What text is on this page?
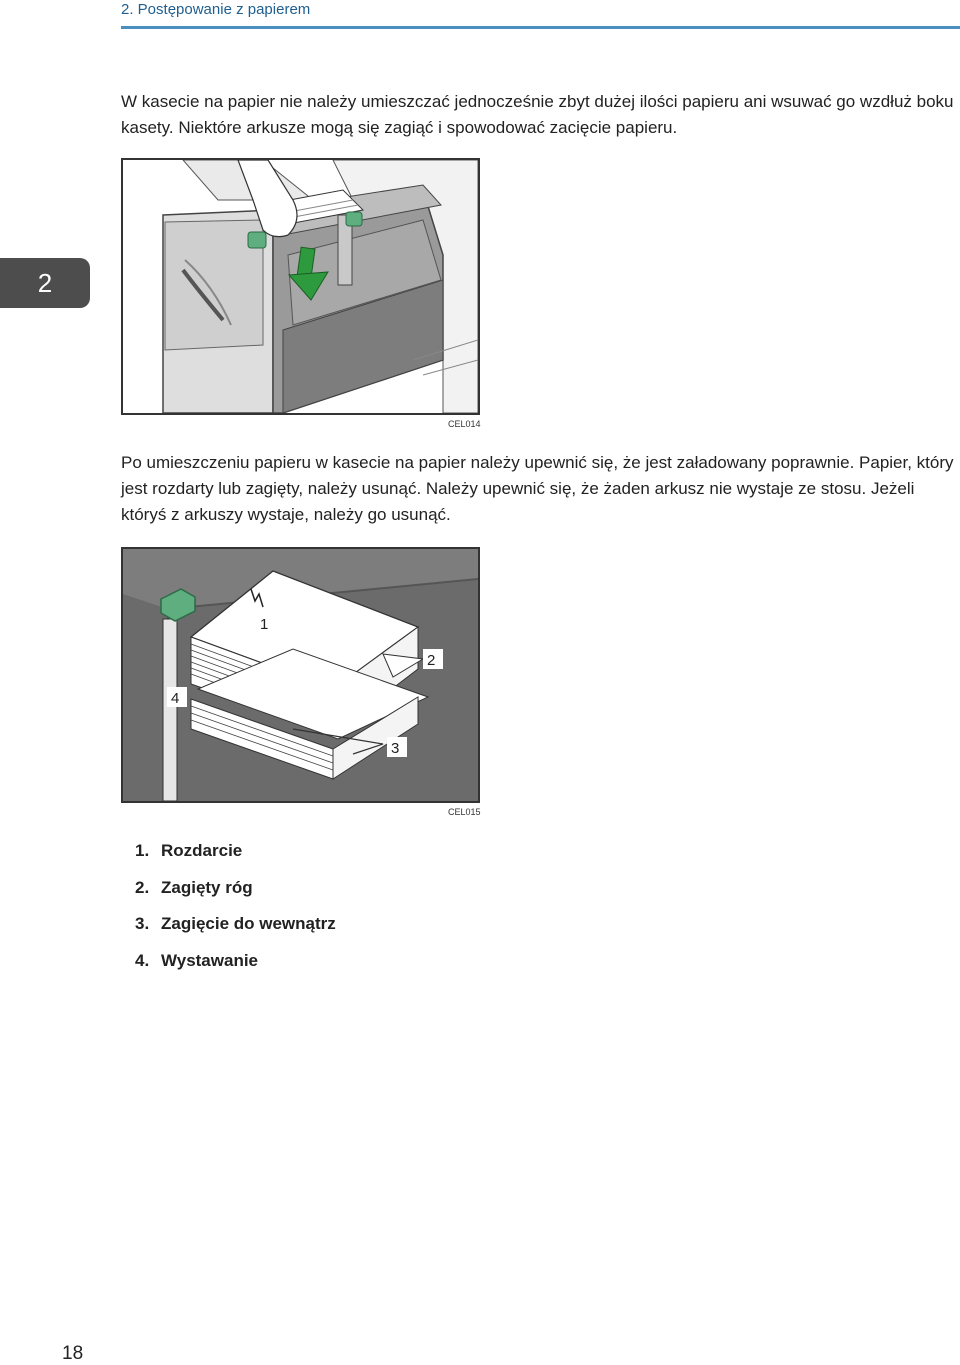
2. Postępowanie z papierem
2

W kasecie na papier nie należy umieszczać jednocześnie zbyt dużej ilości papieru ani wsuwać go wzdłuż boku kasety. Niektóre arkusze mogą się zagiąć i spowodować zacięcie papieru.

CEL014

Po umieszczeniu papieru w kasecie na papier należy upewnić się, że jest załadowany poprawnie. Papier, który jest rozdarty lub zagięty, należy usunąć. Należy upewnić się, że żaden arkusz nie wystaje ze stosu. Jeżeli któryś z arkuszy wystaje, należy go usunąć.

1
2
3
4
CEL015
1. Rozdarcie
2. Zagięty róg
3. Zagięcie do wewnątrz
4. Wystawanie
18
